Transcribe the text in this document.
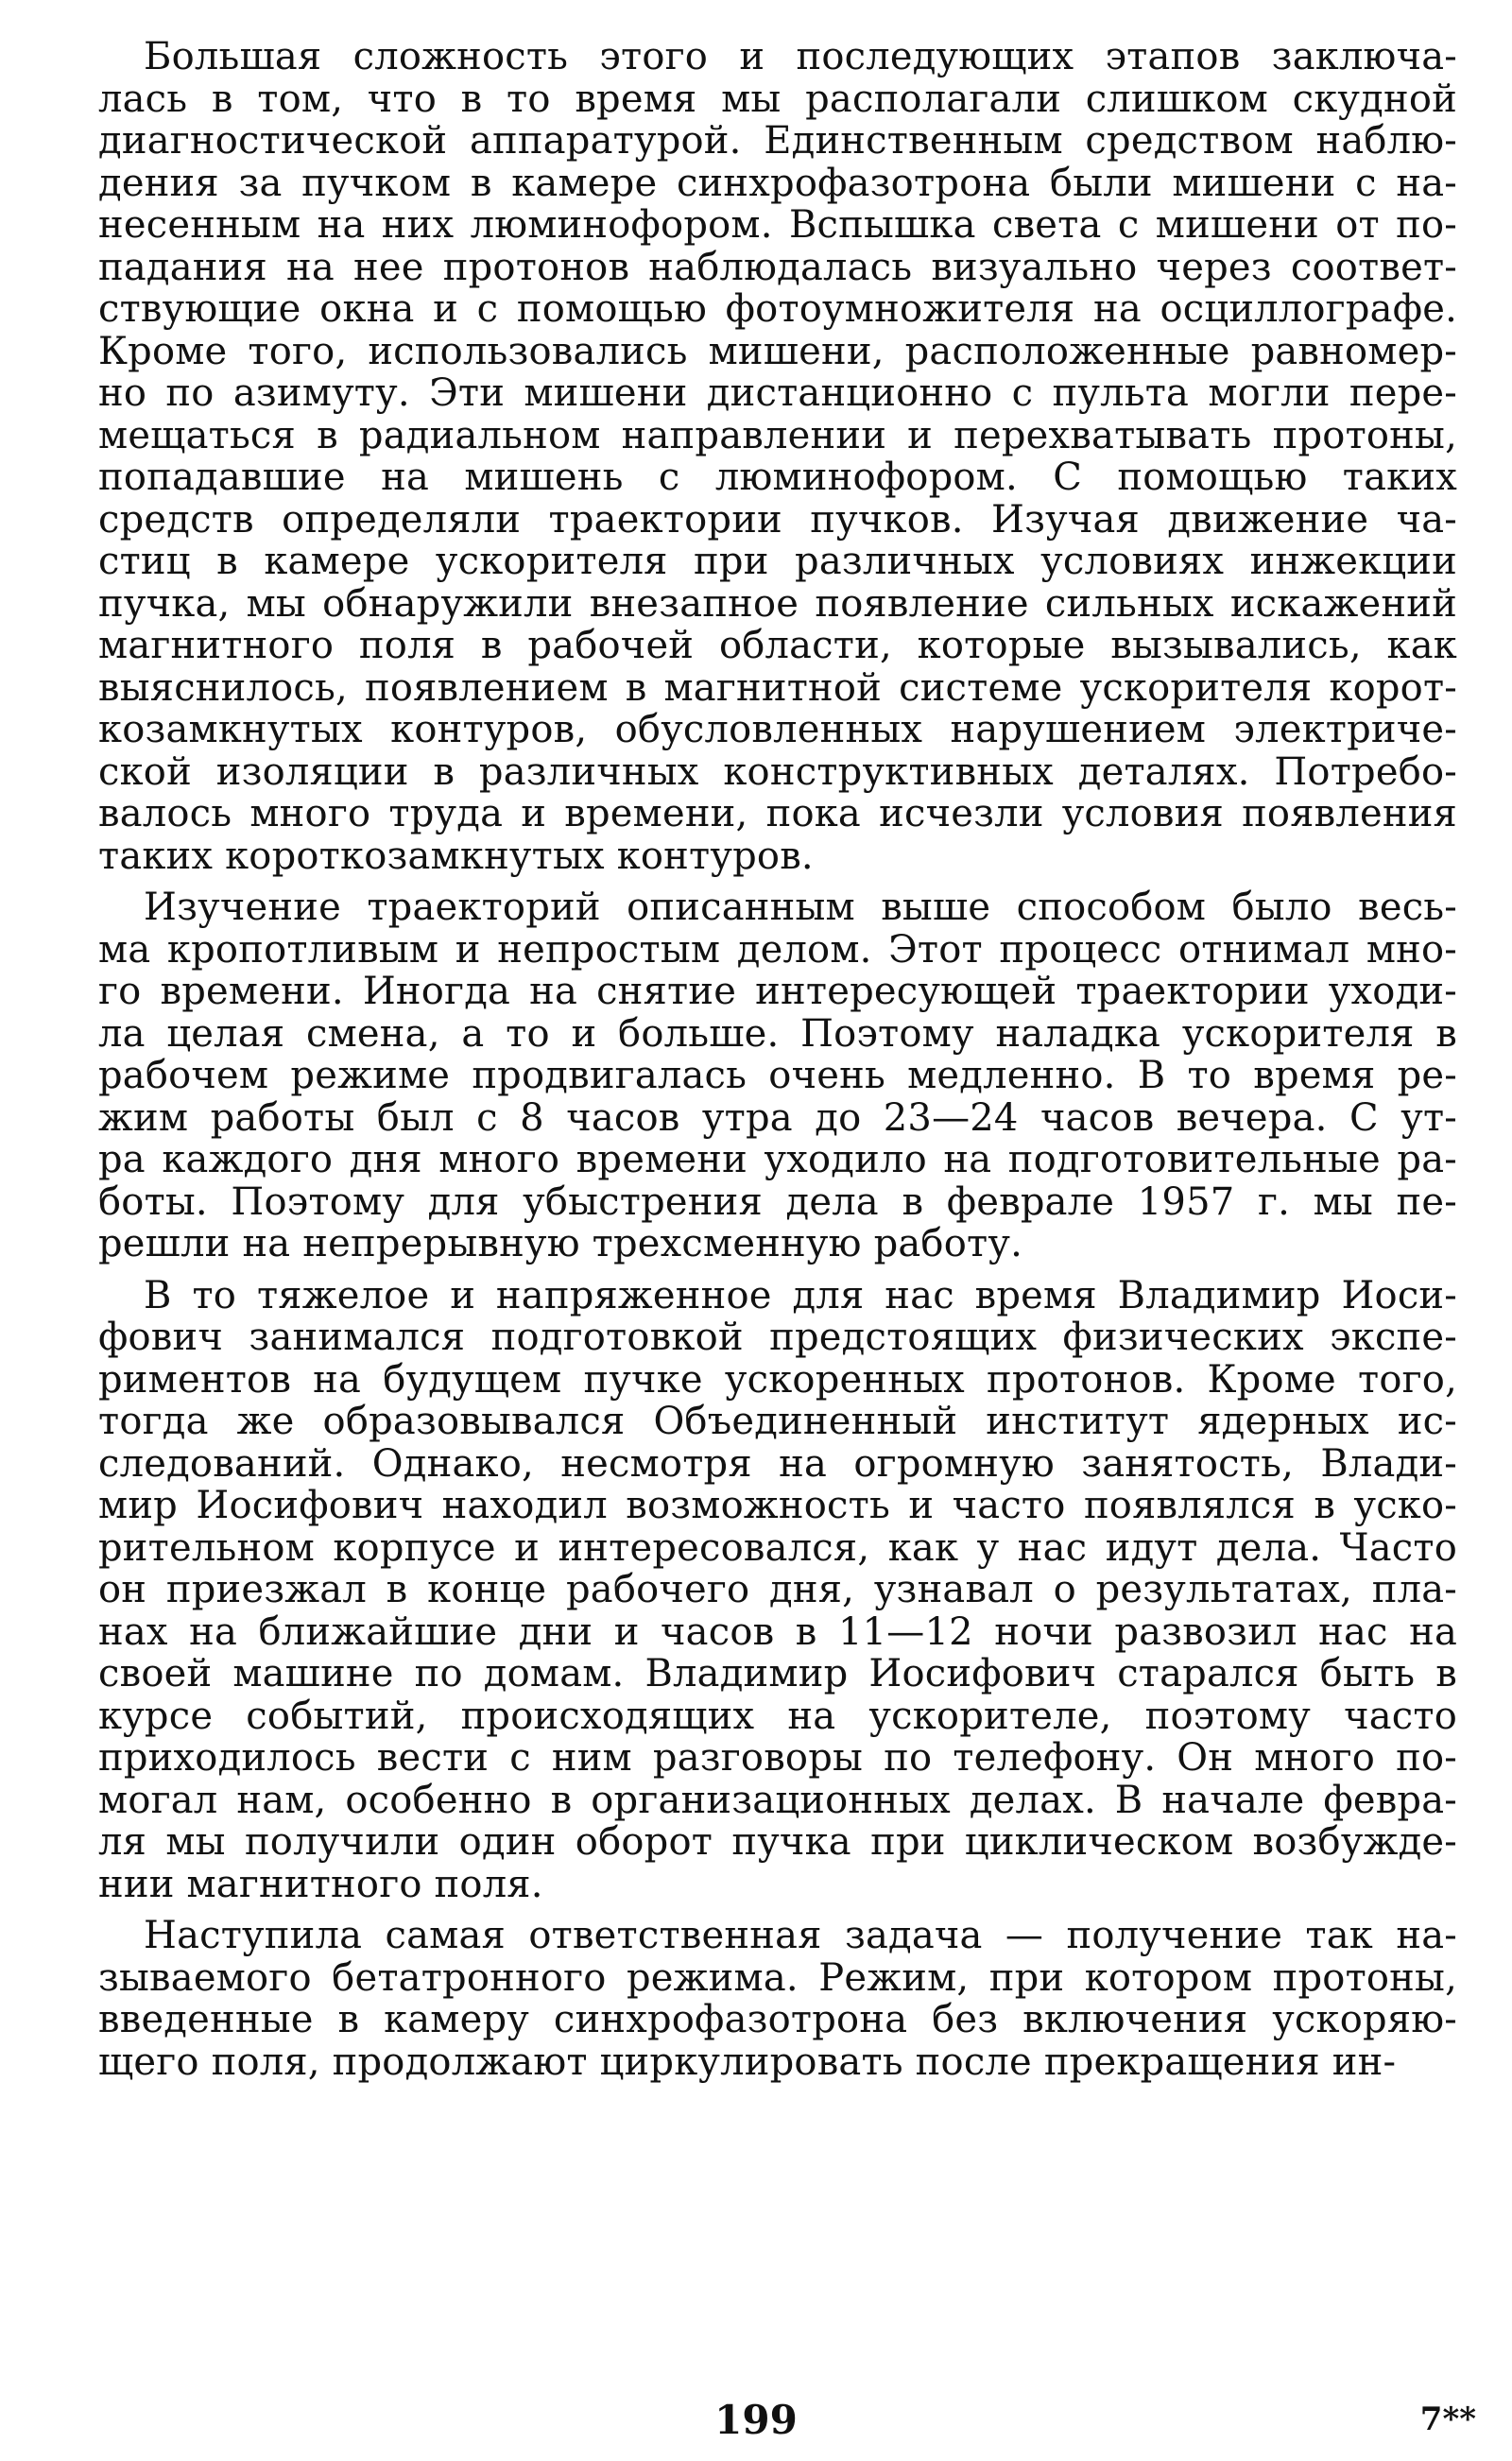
Большая сложность этого и последующих этапов заключа-
лась в том, что в то время мы располагали слишком скудной
диагностической аппаратурой. Единственным средством наблю-
дения за пучком в камере синхрофазотрона были мишени с на-
несенным на них люминофором. Вспышка света с мишени от по-
падания на нее протонов наблюдалась визуально через соответ-
ствующие окна и с помощью фотоумножителя на осциллографе.
Кроме того, использовались мишени, расположенные равномер-
но по азимуту. Эти мишени дистанционно с пульта могли пере-
мещаться в радиальном направлении и перехватывать протоны,
попадавшие на мишень с люминофором. С помощью таких
средств определяли траектории пучков. Изучая движение ча-
стиц в камере ускорителя при различных условиях инжекции
пучка, мы обнаружили внезапное появление сильных искажений
магнитного поля в рабочей области, которые вызывались, как
выяснилось, появлением в магнитной системе ускорителя корот-
козамкнутых контуров, обусловленных нарушением электриче-
ской изоляции в различных конструктивных деталях. Потребо-
валось много труда и времени, пока исчезли условия появления
таких короткозамкнутых контуров.
Изучение траекторий описанным выше способом было весь-
ма кропотливым и непростым делом. Этот процесс отнимал мно-
го времени. Иногда на снятие интересующей траектории уходи-
ла целая смена, а то и больше. Поэтому наладка ускорителя в
рабочем режиме продвигалась очень медленно. В то время ре-
жим работы был с 8 часов утра до 23—24 часов вечера. С ут-
ра каждого дня много времени уходило на подготовительные ра-
боты. Поэтому для убыстрения дела в феврале 1957 г. мы пе-
решли на непрерывную трехсменную работу.
В то тяжелое и напряженное для нас время Владимир Иоси-
фович занимался подготовкой предстоящих физических экспе-
риментов на будущем пучке ускоренных протонов. Кроме того,
тогда же образовывался Объединенный институт ядерных ис-
следований. Однако, несмотря на огромную занятость, Влади-
мир Иосифович находил возможность и часто появлялся в уско-
рительном корпусе и интересовался, как у нас идут дела. Часто
он приезжал в конце рабочего дня, узнавал о результатах, пла-
нах на ближайшие дни и часов в 11—12 ночи развозил нас на
своей машине по домам. Владимир Иосифович старался быть в
курсе событий, происходящих на ускорителе, поэтому часто
приходилось вести с ним разговоры по телефону. Он много по-
могал нам, особенно в организационных делах. В начале февра-
ля мы получили один оборот пучка при циклическом возбужде-
нии магнитного поля.
Наступила самая ответственная задача — получение так на-
зываемого бетатронного режима. Режим, при котором протоны,
введенные в камеру синхрофазотрона без включения ускоряю-
щего поля, продолжают циркулировать после прекращения ин-
199	7**
